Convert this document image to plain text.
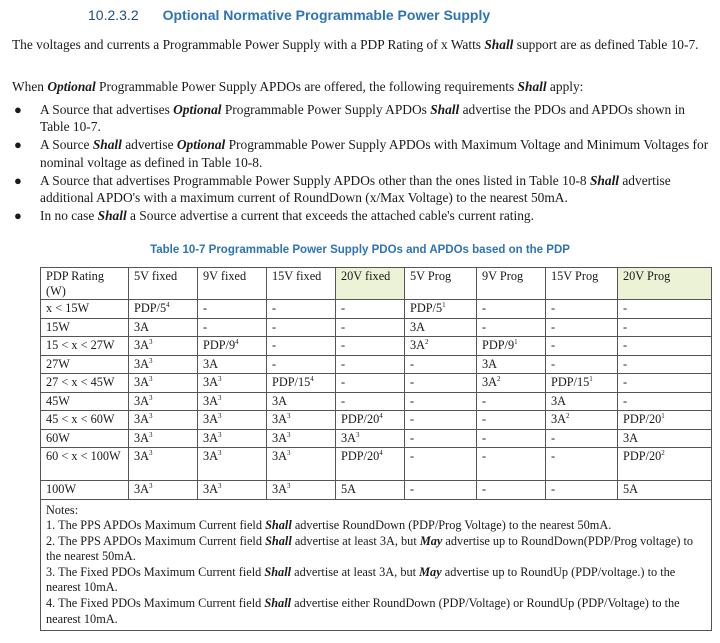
10.2.3.2 Optional Normative Programmable Power Supply
The voltages and currents a Programmable Power Supply with a PDP Rating of x Watts Shall support are as defined Table 10-7.
When Optional Programmable Power Supply APDOs are offered, the following requirements Shall apply:
● A Source that advertises Optional Programmable Power Supply APDOs Shall advertise the PDOs and APDOs shown in Table 10-7.
● A Source Shall advertise Optional Programmable Power Supply APDOs with Maximum Voltage and Minimum Voltages for nominal voltage as defined in Table 10-8.
● A Source that advertises Programmable Power Supply APDOs other than the ones listed in Table 10-8 Shall advertise additional APDO's with a maximum current of RoundDown (x/Max Voltage) to the nearest 50mA.
● In no case Shall a Source advertise a current that exceeds the attached cable's current rating.
Table 10-7 Programmable Power Supply PDOs and APDOs based on the PDP
PDP Rating (W)	5V fixed	9V fixed	15V fixed	20V fixed	5V Prog	9V Prog	15V Prog	20V Prog
x < 15W	PDP/$5^4$	-	-	-	PDP/$5^1$	-	-	-
15W	3A	-	-	-	3A	-	-	-
15 < x < 27W	$3A^3$	PDP/$9^4$	-	-	$3A^2$	PDP/$9^1$	-	-
27W	$3A^3$	3A	-	-	-	3A	-	-
27 < x < 45W	$3A^3$	$3A^3$	PDP/$15^4$	-	-	$3A^2$	PDP/$15^1$	-
45W	$3A^3$	$3A^3$	3A	-	-	-	3A	-
45 < x < 60W	$3A^3$	$3A^3$	$3A^3$	PDP/$20^4$	-	-	$3A^2$	PDP/$20^1$
60W	$3A^3$	$3A^3$	$3A^3$	$3A^3$	-	-	-	3A
60 < x < 100W	$3A^3$	$3A^3$	$3A^3$	PDP/$20^4$	-	-	-	PDP/$20^2$
100W	$3A^3$	$3A^3$	$3A^3$	5A	-	-	-	5A

Notes:
1. The PPS APDOs Maximum Current field Shall advertise RoundDown (PDP/Prog Voltage) to the nearest 50mA.
2. The PPS APDOs Maximum Current field Shall advertise at least 3A, but May advertise up to RoundDown(PDP/Prog voltage) to the nearest 50mA.
3. The Fixed PDOs Maximum Current field Shall advertise at least 3A, but May advertise up to RoundUp (PDP/voltage.) to the nearest 10mA.
4. The Fixed PDOs Maximum Current field Shall advertise either RoundDown (PDP/Voltage) or RoundUp (PDP/Voltage) to the nearest 10mA.								
